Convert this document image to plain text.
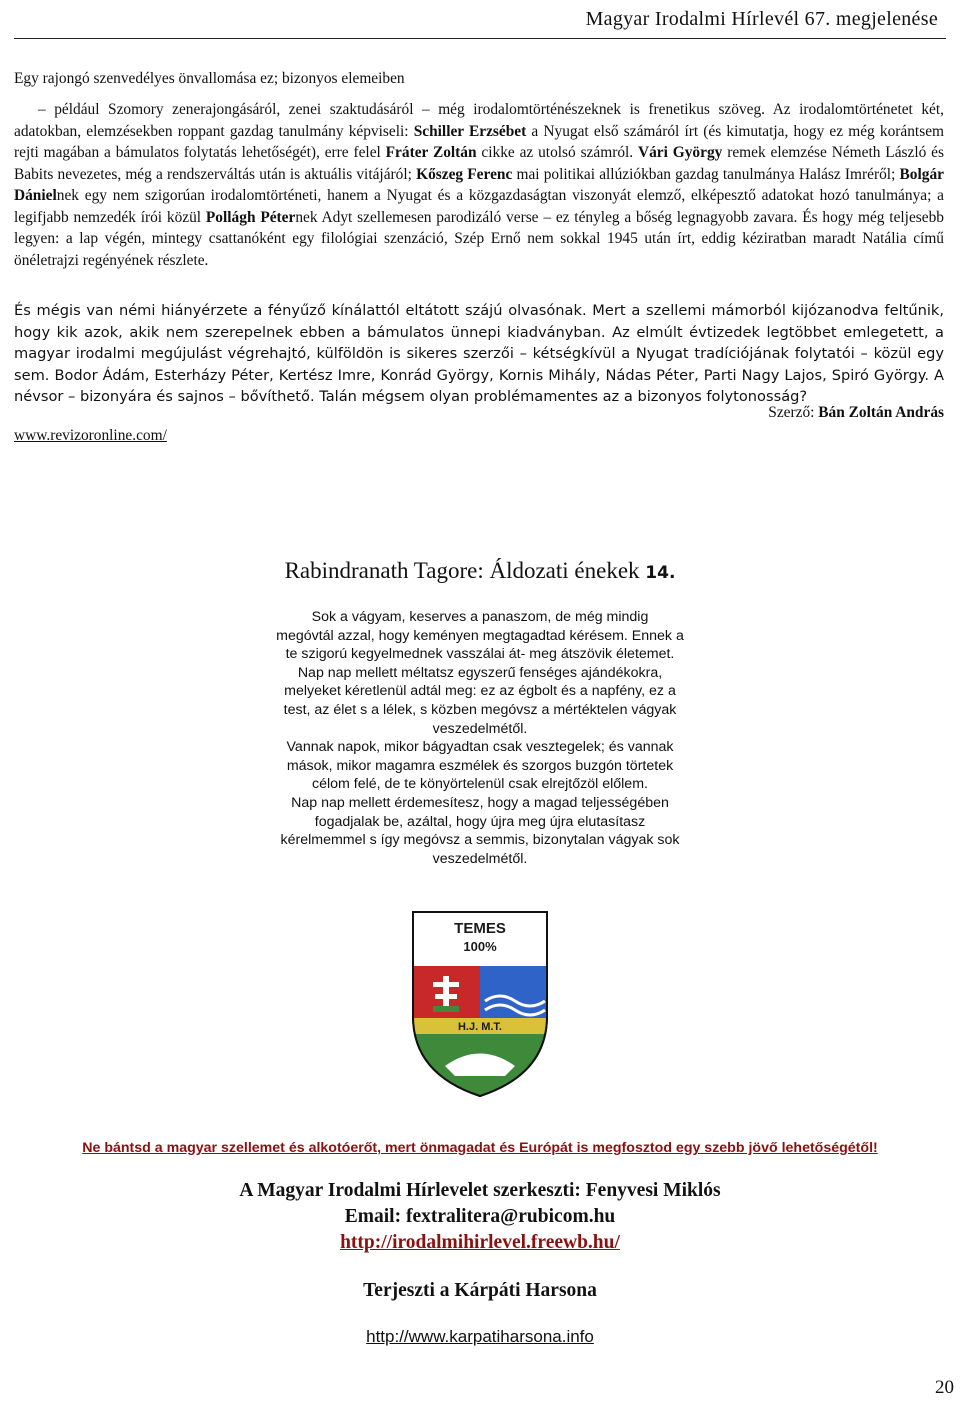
Magyar Irodalmi Hírlevél 67. megjelenése
Egy rajongó szenvedélyes önvallomása ez; bizonyos elemeiben
– például Szomory zenerajongásáról, zenei szaktudásáról – még irodalomtörténészeknek is frenetikus szöveg. Az irodalomtörténetet két, adatokban, elemzésekben roppant gazdag tanulmány képviseli: Schiller Erzsébet a Nyugat első számáról írt (és kimutatja, hogy ez még korántsem rejti magában a bámulatos folytatás lehetőségét), erre felel Fráter Zoltán cikke az utolsó számról. Vári György remek elemzése Németh László és Babits nevezetes, még a rendszerváltás után is aktuális vitájáról; Kőszeg Ferenc mai politikai allúziókban gazdag tanulmánya Halász Imréről; Bolgár Dánielnek egy nem szigorúan irodalomtörténeti, hanem a Nyugat és a közgazdaságtan viszonyát elemző, elképesztő adatokat hozó tanulmánya; a legifjabb nemzedék írói közül Pollágh Péternek Adyt szellemesen parodizáló verse – ez tényleg a bőség legnagyobb zavara. És hogy még teljesebb legyen: a lap végén, mintegy csattanóként egy filológiai szenzáció, Szép Ernő nem sokkal 1945 után írt, eddig kéziratban maradt Natália című önéletrajzi regényének részlete.
És mégis van némi hiányérzete a fényűző kínálattól eltátott szájú olvasónak. Mert a szellemi mámorból kijózanodva feltűnik, hogy kik azok, akik nem szerepelnek ebben a bámulatos ünnepi kiadványban. Az elmúlt évtizedek legtöbbet emlegetett, a magyar irodalmi megújulást végrehajtó, külföldön is sikeres szerzői – kétségkívül a Nyugat tradíciójának folytatói – közül egy sem. Bodor Ádám, Esterházy Péter, Kertész Imre, Konrád György, Kornis Mihály, Nádas Péter, Parti Nagy Lajos, Spiró György. A névsor – bizonyára és sajnos – bővíthető. Talán mégsem olyan problémamentes az a bizonyos folytonosság?
Szerző: Bán Zoltán András
www.revizoronline.com/
Rabindranath Tagore: Áldozati énekek 14.
Sok a vágyam, keserves a panaszom, de még mindig
megóvtál azzal, hogy keményen megtagadtad kérésem. Ennek a
te szigorú kegyelmednek vasszálai át- meg átszövik életemet.
Nap nap mellett méltatsz egyszerű fenséges ajándékokra,
melyeket kéretlenül adtál meg: ez az égbolt és a napfény, ez a
test, az élet s a lélek, s közben megóvsz a mértéktelen vágyak
veszedelmétől.
Vannak napok, mikor bágyadtan csak vesztegelek; és vannak
mások, mikor magamra eszmélek és szorgos buzgón törtetek
célom felé, de te könyörtelenül csak elrejtőzöl előlem.
Nap nap mellett érdemesítesz, hogy a magad teljességében
fogadjalak be, azáltal, hogy újra meg újra elutasítasz
kérelmemmel s így megóvsz a semmis, bizonytalan vágyak sok
veszedelmétől.
TEMES
100%
H.J. M.T.
Ne bántsd a magyar szellemet és alkotóerőt, mert önmagadat és Európát is megfosztod egy szebb jövő lehetőségétől!
A Magyar Irodalmi Hírlevelet szerkeszti: Fenyvesi Miklós
Email: fextralitera@rubicom.hu
http://irodalmihirlevel.freewb.hu/
Terjeszti a Kárpáti Harsona
http://www.karpatiharsona.info
20
